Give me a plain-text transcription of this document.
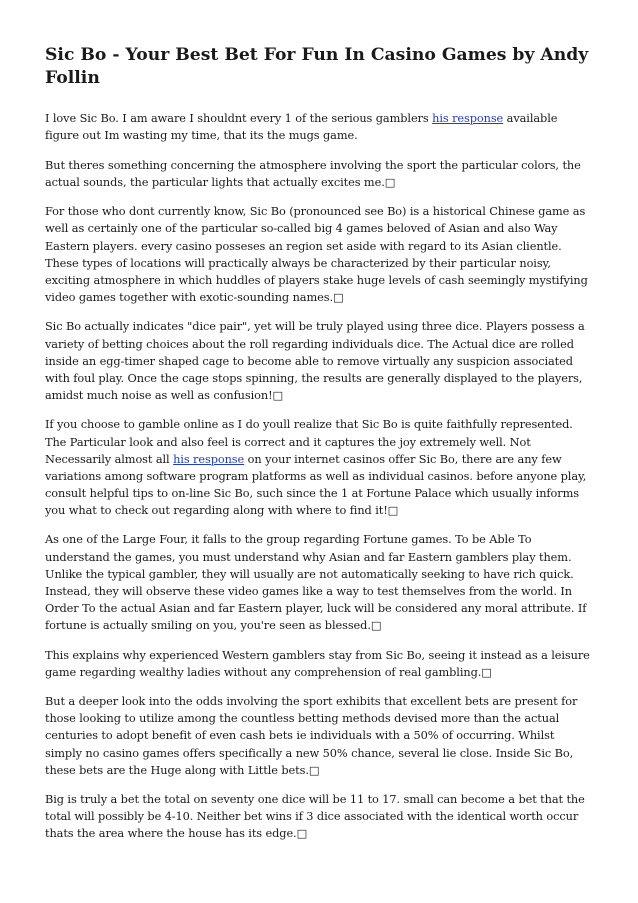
Sic Bo - Your Best Bet For Fun In Casino Games by Andy Follin

I love Sic Bo. I am aware I shouldnt every 1 of the serious gamblers his response available figure out Im wasting my time, that its the mugs game.

But theres something concerning the atmosphere involving the sport the particular colors, the actual sounds, the particular lights that actually excites me.□

For those who dont currently know, Sic Bo (pronounced see Bo) is a historical Chinese game as well as certainly one of the particular so-called big 4 games beloved of Asian and also Way Eastern players. every casino posseses an region set aside with regard to its Asian clientle. These types of locations will practically always be characterized by their particular noisy, exciting atmosphere in which huddles of players stake huge levels of cash seemingly mystifying video games together with exotic-sounding names.□

Sic Bo actually indicates "dice pair", yet will be truly played using three dice. Players possess a variety of betting choices about the roll regarding individuals dice. The Actual dice are rolled inside an egg-timer shaped cage to become able to remove virtually any suspicion associated with foul play. Once the cage stops spinning, the results are generally displayed to the players, amidst much noise as well as confusion!□

If you choose to gamble online as I do youll realize that Sic Bo is quite faithfully represented. The Particular look and also feel is correct and it captures the joy extremely well. Not Necessarily almost all his response on your internet casinos offer Sic Bo, there are any few variations among software program platforms as well as individual casinos. before anyone play, consult helpful tips to on-line Sic Bo, such since the 1 at Fortune Palace which usually informs you what to check out regarding along with where to find it!□

As one of the Large Four, it falls to the group regarding Fortune games. To be Able To understand the games, you must understand why Asian and far Eastern gamblers play them. Unlike the typical gambler, they will usually are not automatically seeking to have rich quick. Instead, they will observe these video games like a way to test themselves from the world. In Order To the actual Asian and far Eastern player, luck will be considered any moral attribute. If fortune is actually smiling on you, you're seen as blessed.□

This explains why experienced Western gamblers stay from Sic Bo, seeing it instead as a leisure game regarding wealthy ladies without any comprehension of real gambling.□

But a deeper look into the odds involving the sport exhibits that excellent bets are present for those looking to utilize among the countless betting methods devised more than the actual centuries to adopt benefit of even cash bets ie individuals with a 50% of occurring. Whilst simply no casino games offers specifically a new 50% chance, several lie close. Inside Sic Bo, these bets are the Huge along with Little bets.□

Big is truly a bet the total on seventy one dice will be 11 to 17. small can become a bet that the total will possibly be 4-10. Neither bet wins if 3 dice associated with the identical worth occur thats the area where the house has its edge.□
